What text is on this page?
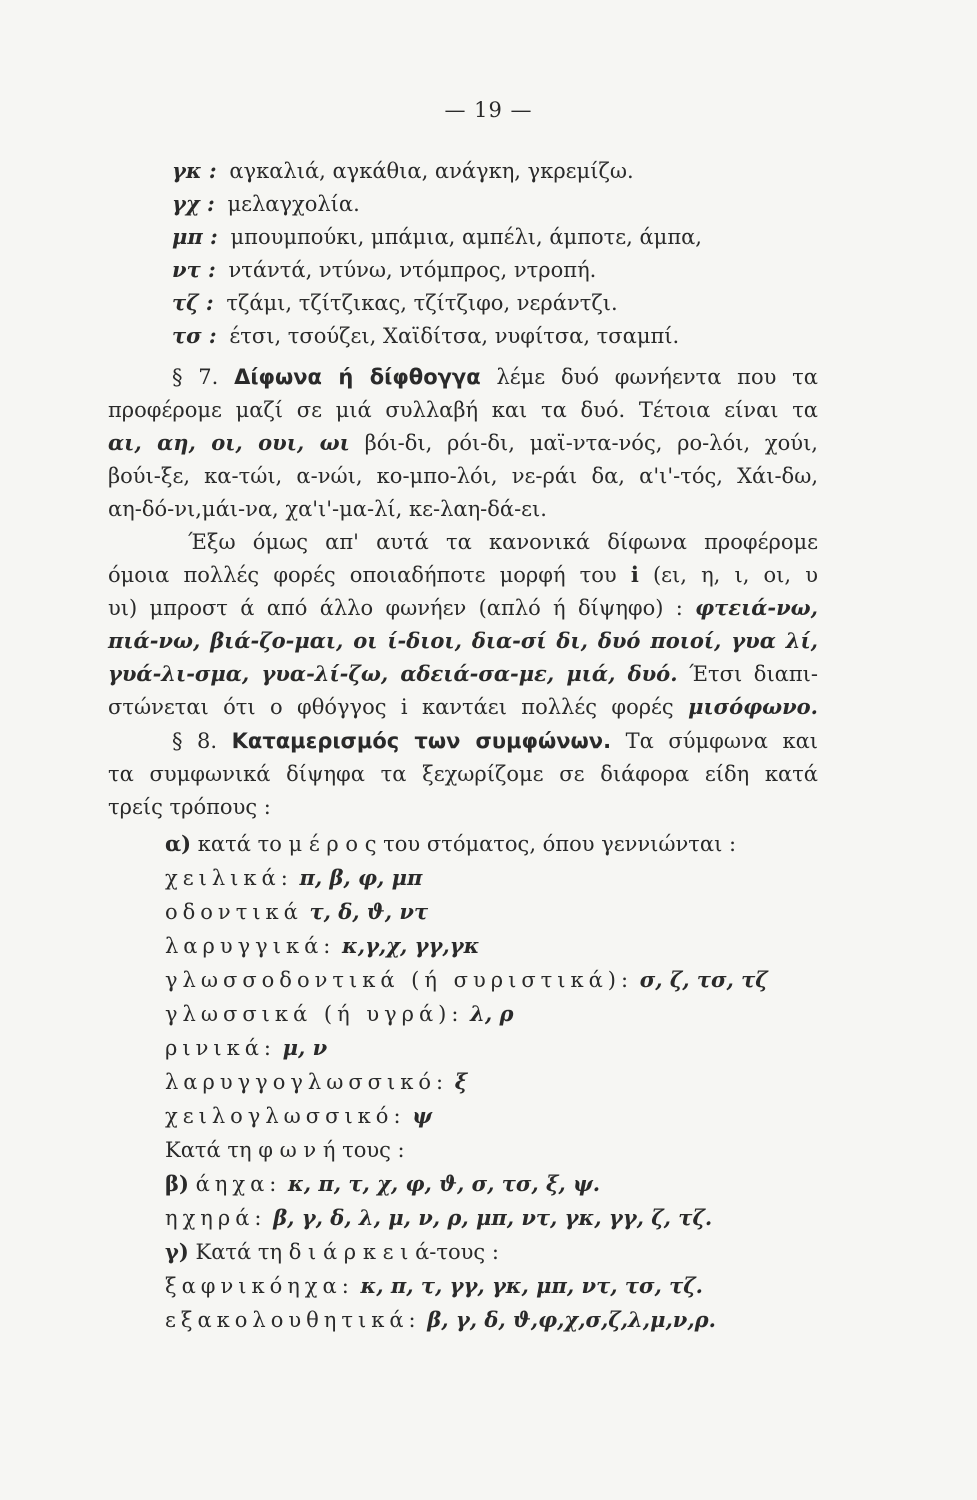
— 19 —
γκ : αγκαλιά, αγκάθια, ανάγκη, γκρεμίζω.
γχ : μελαγχολία.
μπ : μπουμπούκι, μπάμια, αμπέλι, άμποτε, άμπα,
ντ : ντάντά, ντύνω, ντόμπρος, ντροπή.
τζ : τζάμι, τζίτζικας, τζίτζιφο, νεράντζι.
τσ : έτσι, τσούζει, Χαϊδίτσα, νυφίτσα, τσαμπί.
§ 7. Δίφωνα ή δίφθογγα λέμε δυό φωνήεντα που τα
προφέρομε μαζί σε μιά συλλαβή και τα δυό. Τέτοια είναι τα
αι, αη, οι, ουι, ωι βόι-δι, ρόι-δι, μαϊ-ντα-νός, ρο-λόι, χούι,
βούι-ξε, κα-τώι, α-νώι, κο-μπο-λόι, νε-ράι δα, α'ι'-τός, Χάι-δω,
αη-δό-νι,μάι-να, χα'ι'-μα-λί, κε-λαη-δά-ει.
Έξω όμως απ' αυτά τα κανονικά δίφωνα προφέρομε
όμοια πολλές φορές οποιαδήποτε μορφή του i (ει, η, ι, οι, υ
υι) μπροστ ά από άλλο φωνήεν (απλό ή δίψηφο) : φτειά-νω,
πιά-νω, βιά-ζο-μαι, οι ί-διοι, δια-σί δι, δυό ποιοί, γυα λί,
γυά-λι-σμα, γυα-λί-ζω, αδειά-σα-με, μιά, δυό. Έτσι διαπι-
στώνεται ότι ο φθόγγος i καντάει πολλές φορές μισόφωνο.
§ 8. Καταμερισμός των συμφώνων. Τα σύμφωνα και
τα συμφωνικά δίψηφα τα ξεχωρίζομε σε διάφορα είδη κατά
τρείς τρόπους :
α) κατά το μ έ ρ ο ς του στόματος, όπου γεννιώνται :
χειλικά: π, β, φ, μπ
οδοντικά τ, δ, ϑ, ντ
λαρυγγικά: κ,γ,χ, γγ,γκ
γλωσσοδοντικά (ή συριστικά): σ, ζ, τσ, τζ
γλωσσικά (ή υγρά): λ, ρ
ρινικά: μ, ν
λαρυγγογλωσσικό: ξ
χειλογλωσσικό: ψ
Κατά τη φ ω ν ή τους :
β) άηχα: κ, π, τ, χ, φ, ϑ, σ, τσ, ξ, ψ.
ηχηρά: β, γ, δ, λ, μ, ν, ρ, μπ, ντ, γκ, γγ, ζ, τζ.
γ) Κατά τη δ ι ά ρ κ ε ι ά-τους :
ξαφνικόηχα: κ, π, τ, γγ, γκ, μπ, ντ, τσ, τζ.
εξακολουθητικά: β, γ, δ, ϑ,φ,χ,σ,ζ,λ,μ,ν,ρ.
